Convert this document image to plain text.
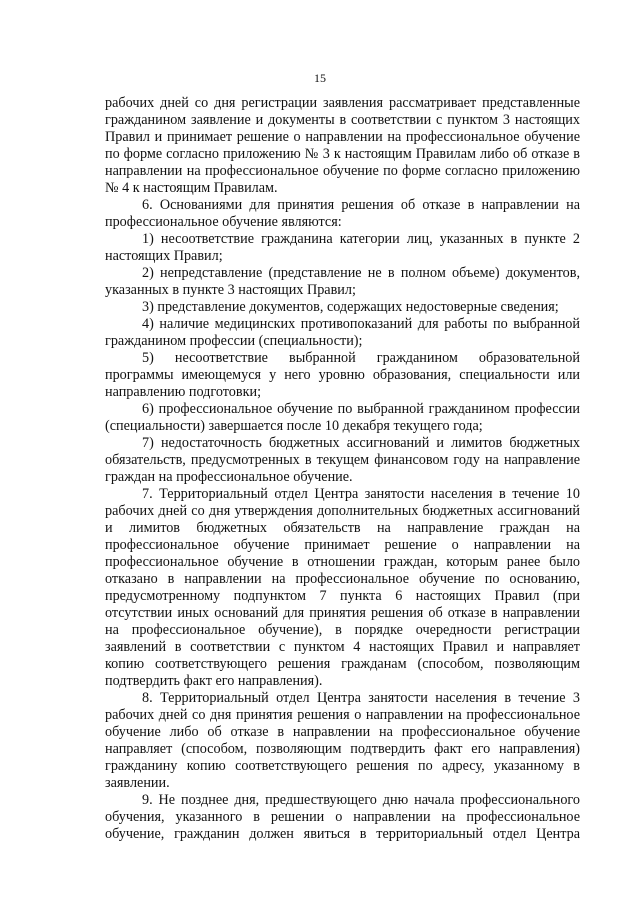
15

рабочих дней со дня регистрации заявления рассматривает представленные

гражданином заявление и документы в соответствии с пунктом 3 настоящих

Правил и принимает решение о направлении на профессиональное обучение

по форме согласно приложению № 3 к настоящим Правилам либо об отказе в

направлении на профессиональное обучение по форме согласно приложению

№ 4 к настоящим Правилам.

6. Основаниями для принятия решения об отказе в направлении на

профессиональное обучение являются:

1) несоответствие гражданина категории лиц, указанных в пункте 2

настоящих Правил;

2) непредставление (представление не в полном объеме) документов,

указанных в пункте 3 настоящих Правил;

3) представление документов, содержащих недостоверные сведения;

4) наличие медицинских противопоказаний для работы по выбранной

гражданином профессии (специальности);

5) несоответствие выбранной гражданином образовательной

программы имеющемуся у него уровню образования, специальности или

направлению подготовки;

6) профессиональное обучение по выбранной гражданином профессии

(специальности) завершается после 10 декабря текущего года;

7) недостаточность бюджетных ассигнований и лимитов бюджетных

обязательств, предусмотренных в текущем финансовом году на направление

граждан на профессиональное обучение.

7. Территориальный отдел Центра занятости населения в течение 10

рабочих дней со дня утверждения дополнительных бюджетных ассигнований

и лимитов бюджетных обязательств на направление граждан на

профессиональное обучение принимает решение о направлении на

профессиональное обучение в отношении граждан, которым ранее было

отказано в направлении на профессиональное обучение по основанию,

предусмотренному подпунктом 7 пункта 6 настоящих Правил (при

отсутствии иных оснований для принятия решения об отказе в направлении

на профессиональное обучение), в порядке очередности регистрации

заявлений в соответствии с пунктом 4 настоящих Правил и направляет

копию соответствующего решения гражданам (способом, позволяющим

подтвердить факт его направления).

8. Территориальный отдел Центра занятости населения в течение 3

рабочих дней со дня принятия решения о направлении на профессиональное

обучение либо об отказе в направлении на профессиональное обучение

направляет (способом, позволяющим подтвердить факт его направления)

гражданину копию соответствующего решения по адресу, указанному в

заявлении.

9. Не позднее дня, предшествующего дню начала профессионального

обучения, указанного в решении о направлении на профессиональное

обучение, гражданин должен явиться в территориальный отдел Центра
